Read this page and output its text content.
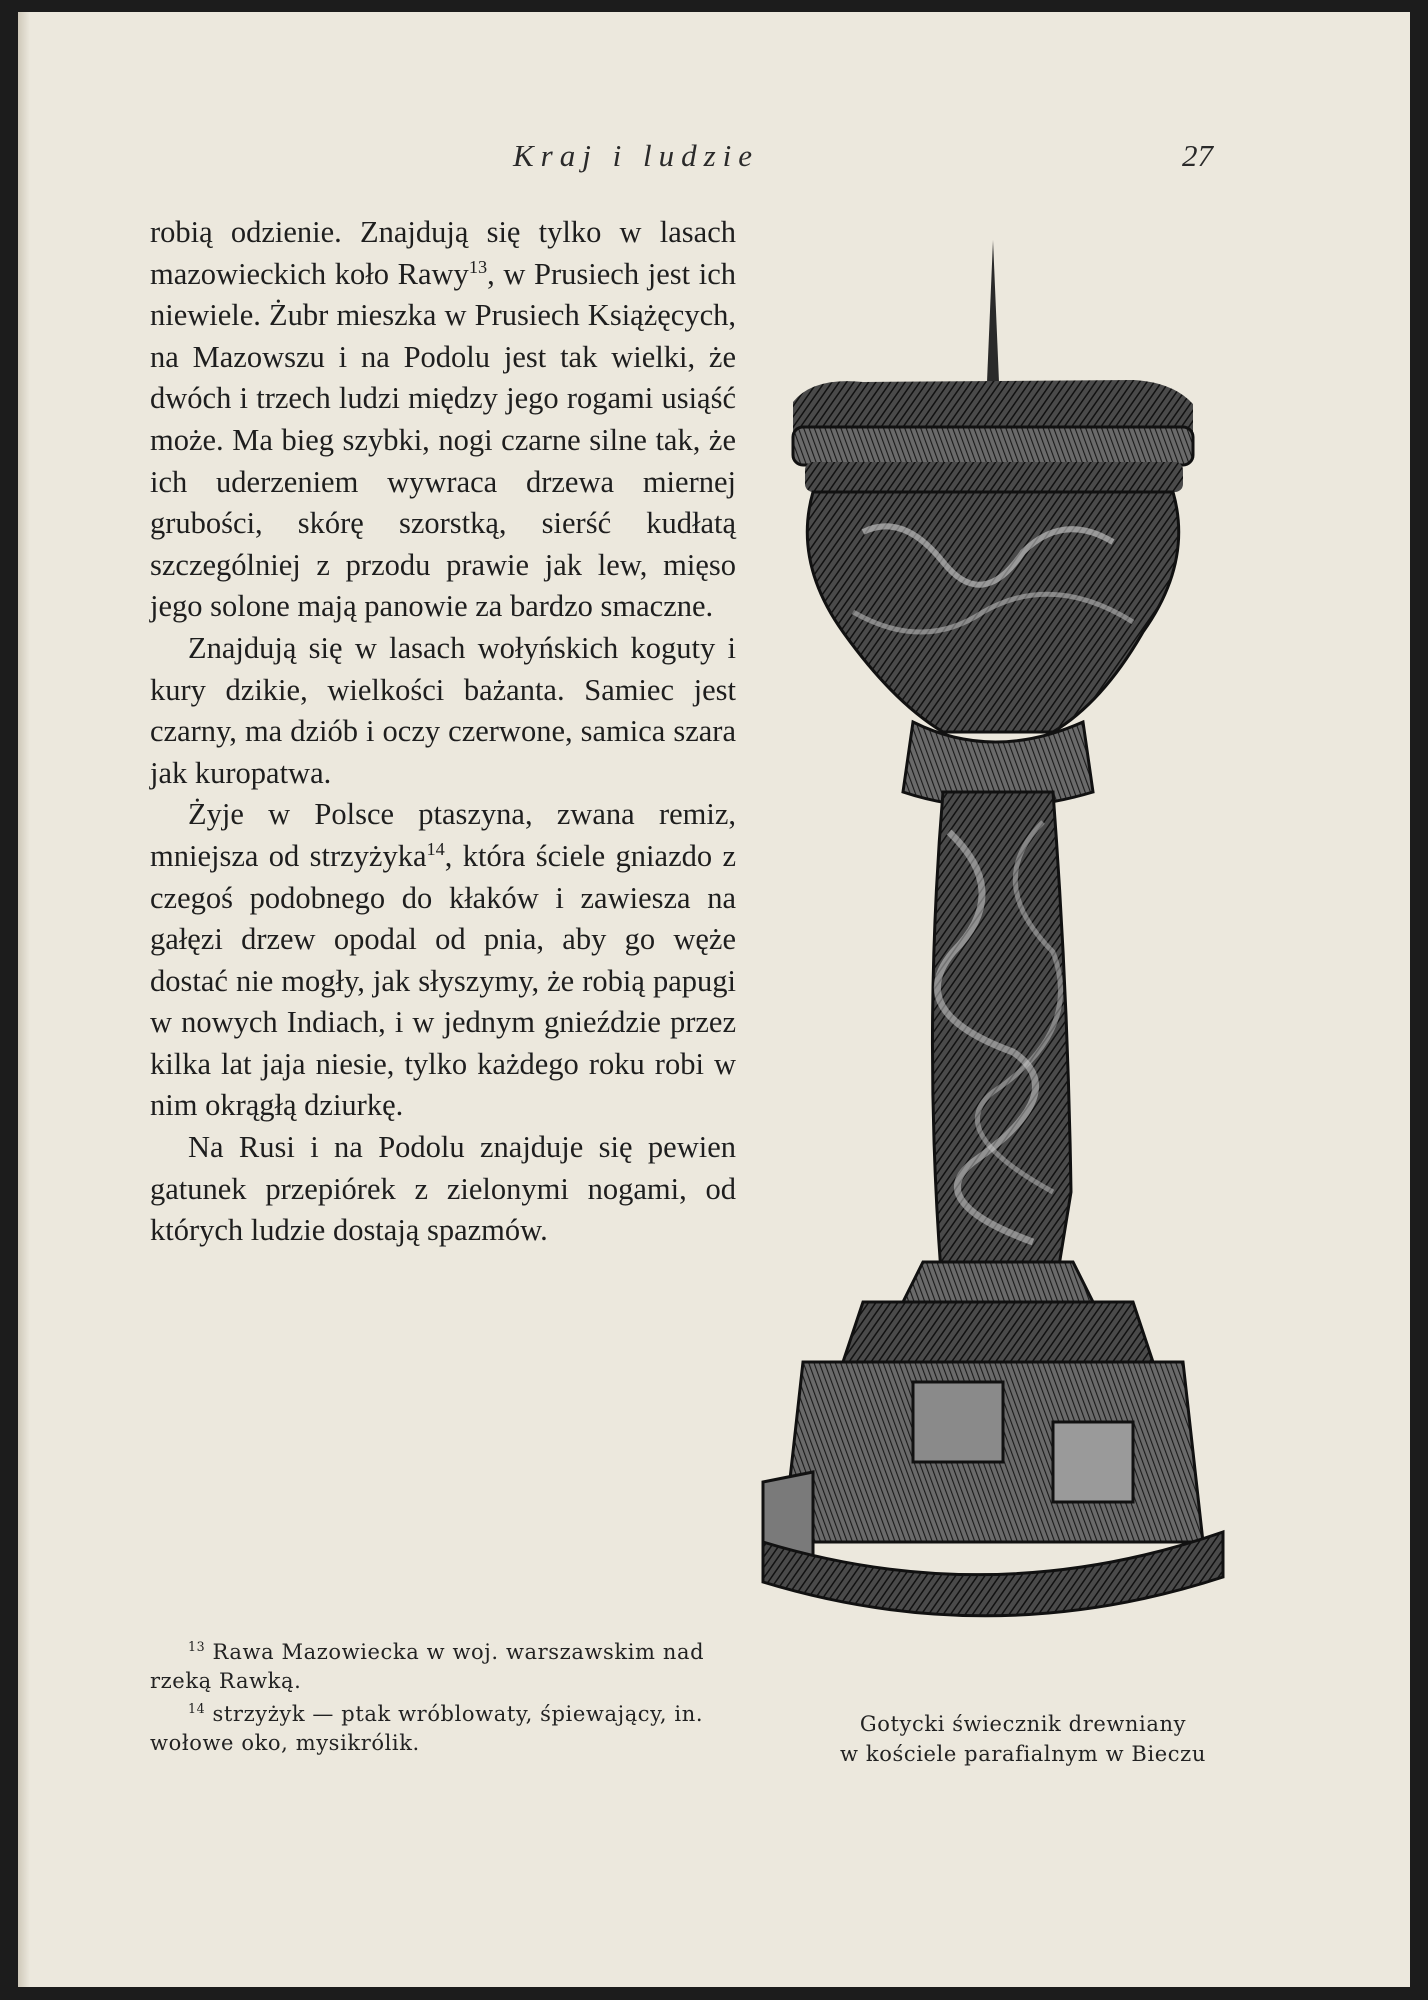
Kraj i ludzie	27

robią odzienie. Znajdują się tylko w lasach mazowieckich koło Rawy$^{13}$, w Prusiech jest ich niewiele. Żubr mieszka w Prusiech Książęcych, na Mazowszu i na Podolu jest tak wielki, że dwóch i trzech ludzi między jego rogami usiąść może. Ma bieg szybki, nogi czarne silne tak, że ich uderzeniem wywraca drzewa miernej grubości, skórę szorstką, sierść kudłatą szczególniej z przodu prawie jak lew, mięso jego solone mają panowie za bardzo smaczne.

Znajdują się w lasach wołyńskich koguty i kury dzikie, wielkości bażanta. Samiec jest czarny, ma dziób i oczy czerwone, samica szara jak kuropatwa.

Żyje w Polsce ptaszyna, zwana remiz, mniejsza od strzyżyka$^{14}$, która ściele gniazdo z czegoś podobnego do kłaków i zawiesza na gałęzi drzew opodal od pnia, aby go węże dostać nie mogły, jak słyszymy, że robią papugi w nowych Indiach, i w jednym gnieździe przez kilka lat jaja niesie, tylko każdego roku robi w nim okrągłą dziurkę.

Na Rusi i na Podolu znajduje się pewien gatunek przepiórek z zielonymi nogami, od których ludzie dostają spazmów.

$^{13}$ Rawa Mazowiecka w woj. warszawskim nad rzeką Rawką.

$^{14}$ strzyżyk — ptak wróblowaty, śpiewający, in. wołowe oko, mysikrólik.

Gotycki świecznik drewniany
w kościele parafialnym w Bieczu
